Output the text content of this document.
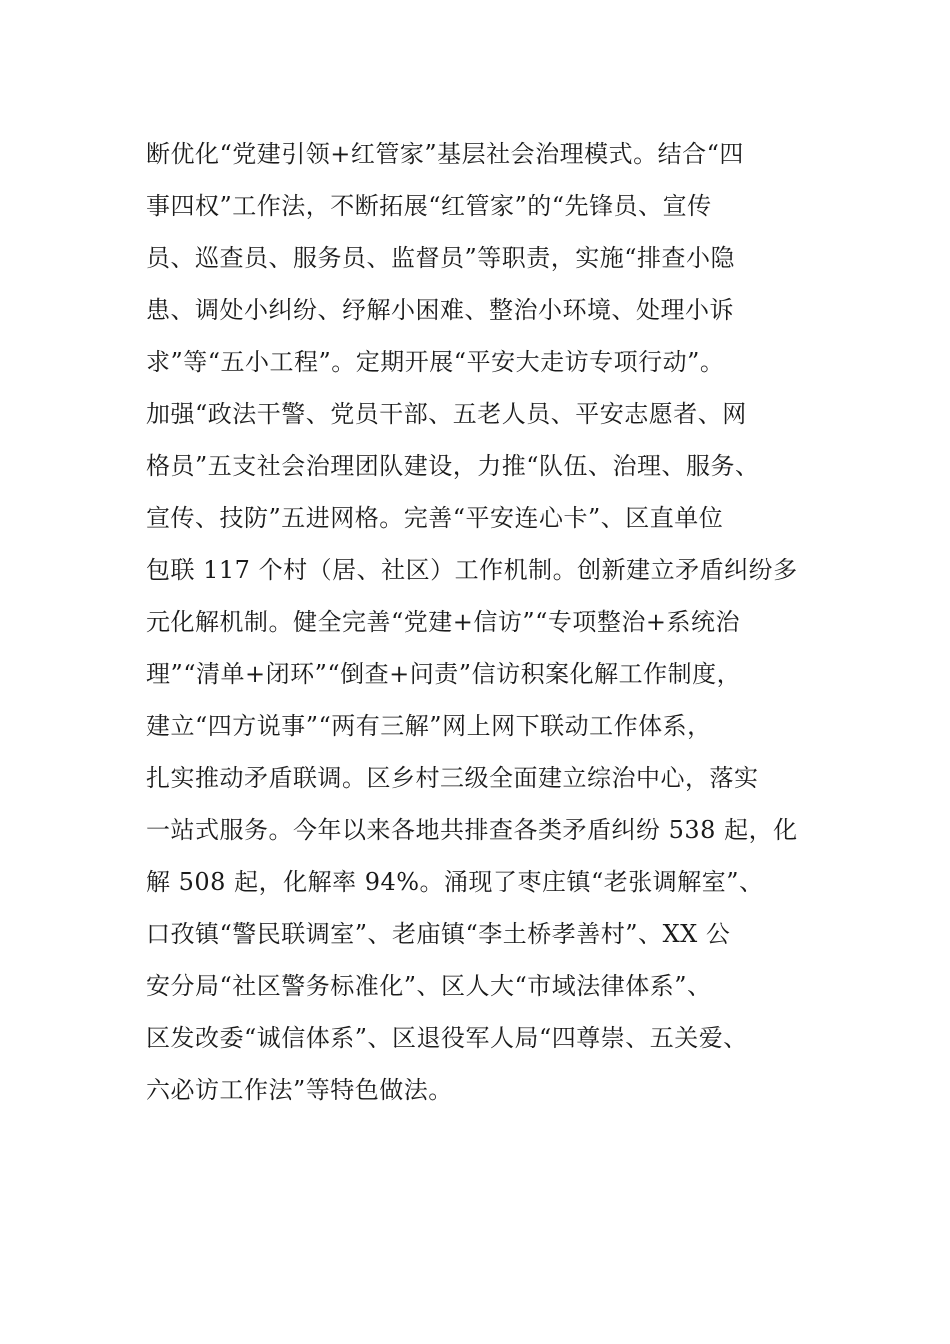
断优化“党建引领+红管家”基层社会治理模式。结合“四
事四权”工作法，不断拓展“红管家”的“先锋员、宣传
员、巡查员、服务员、监督员”等职责，实施“排查小隐
患、调处小纠纷、纾解小困难、整治小环境、处理小诉
求”等“五小工程”。定期开展“平安大走访专项行动”。
加强“政法干警、党员干部、五老人员、平安志愿者、网
格员”五支社会治理团队建设，力推“队伍、治理、服务、
宣传、技防”五进网格。完善“平安连心卡”、区直单位
包联 117 个村（居、社区）工作机制。创新建立矛盾纠纷多
元化解机制。健全完善“党建+信访”“专项整治+系统治
理”“清单+闭环”“倒查+问责”信访积案化解工作制度，
建立“四方说事”“两有三解”网上网下联动工作体系，
扎实推动矛盾联调。区乡村三级全面建立综治中心，落实
一站式服务。今年以来各地共排查各类矛盾纠纷 538 起，化
解 508 起，化解率 94%。涌现了枣庄镇“老张调解室”、
口孜镇“警民联调室”、老庙镇“李土桥孝善村”、XX 公
安分局“社区警务标准化”、区人大“市域法律体系”、
区发改委“诚信体系”、区退役军人局“四尊崇、五关爱、
六必访工作法”等特色做法。
